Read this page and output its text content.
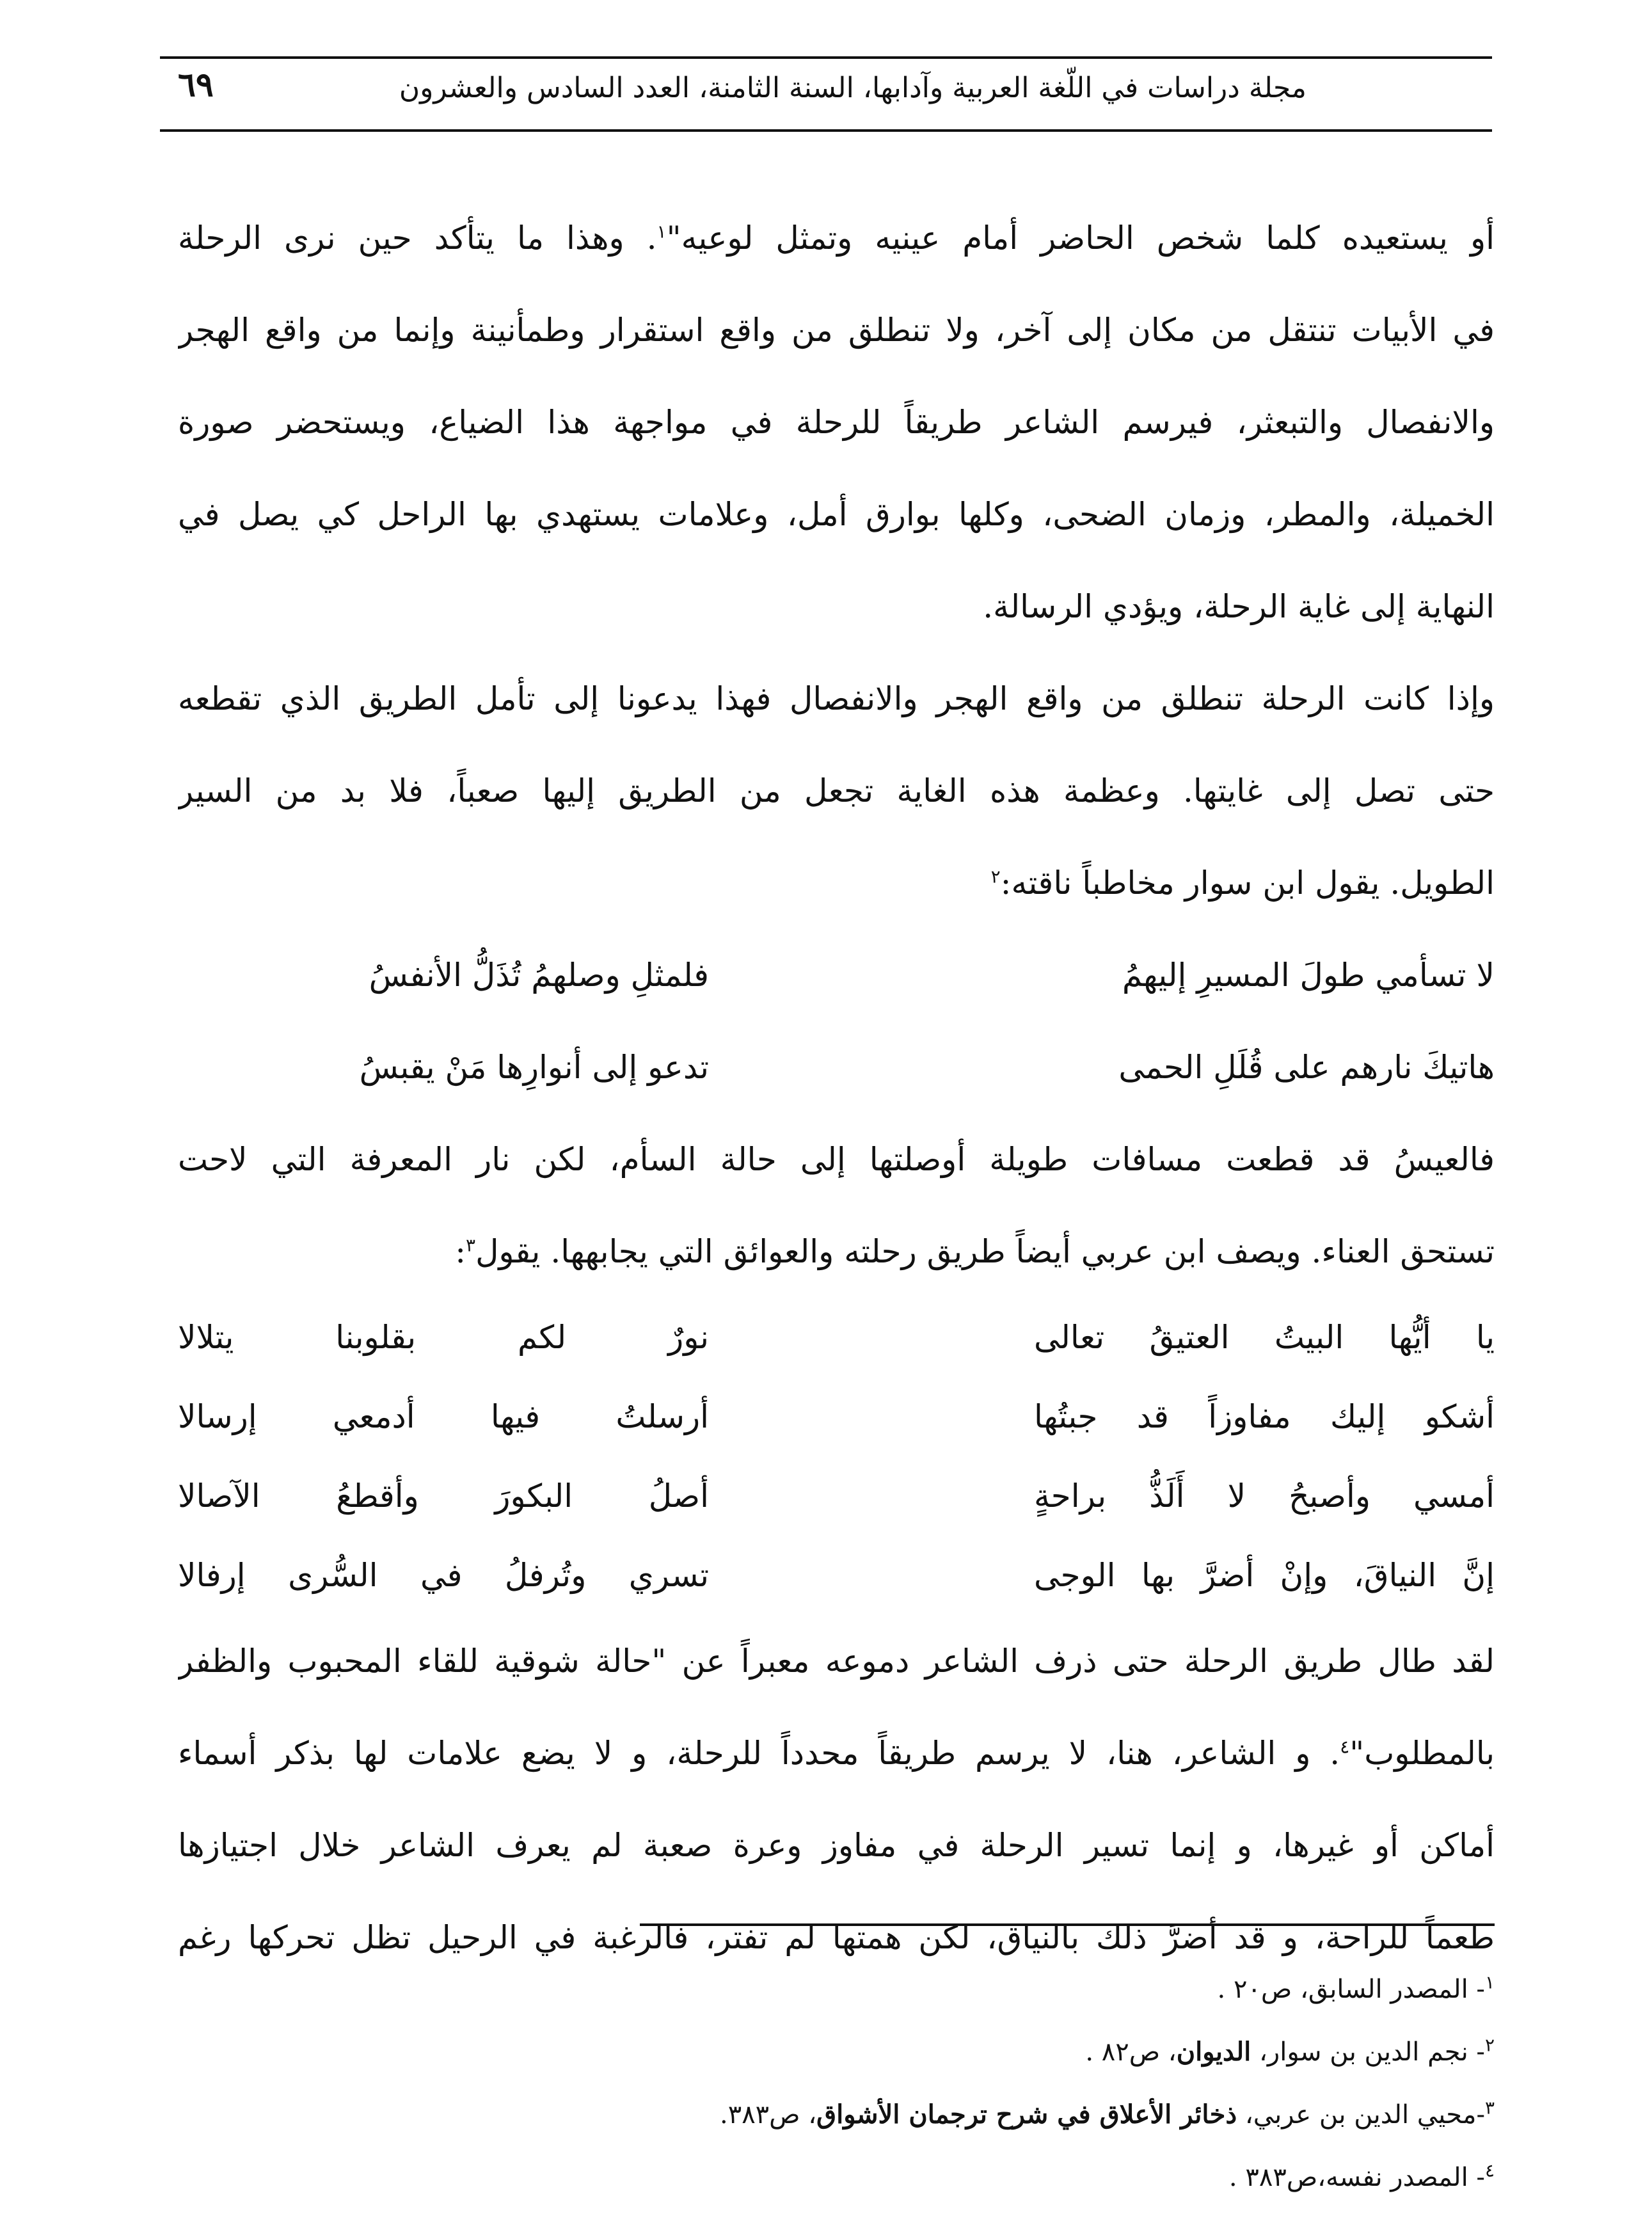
مجلة دراسات في اللّغة العربية وآدابها، السنة الثامنة، العدد السادس والعشرون
٦٩
أو يستعيده كلما شخص الحاضر أمام عينيه وتمثل لوعيه"$^١$. وهذا ما يتأكد حين نرى الرحلة
في الأبيات تنتقل من مكان إلى آخر، ولا تنطلق من واقع استقرار وطمأنينة وإنما من واقع الهجر
والانفصال والتبعثر، فيرسم الشاعر طريقاً للرحلة في مواجهة هذا الضياع، ويستحضر صورة
الخميلة، والمطر، وزمان الضحى، وكلها بوارق أمل، وعلامات يستهدي بها الراحل كي يصل في
النهاية إلى غاية الرحلة، ويؤدي الرسالة.
وإذا كانت الرحلة تنطلق من واقع الهجر والانفصال فهذا يدعونا إلى تأمل الطريق الذي تقطعه
حتى تصل إلى غايتها. وعظمة هذه الغاية تجعل من الطريق إليها صعباً، فلا بد من السير
الطويل. يقول ابن سوار مخاطباً ناقته:$^٢$
لا تسأمي طولَ المسيرِ إليهمُ
فلمثلِ وصلهمُ تُذَلُّ الأنفسُ
هاتيكَ نارهم على قُلَلِ الحمى
تدعو إلى أنوارِها مَنْ يقبسُ
فالعيسُ قد قطعت مسافات طويلة أوصلتها إلى حالة السأم، لكن نار المعرفة التي لاحت
تستحق العناء. ويصف ابن عربي أيضاً طريق رحلته والعوائق التي يجابهها. يقول$^٣$:
يا أيُّها البيتُ العتيقُ تعالى
نورٌ لكم بقلوبنا يتلالا
أشكو إليك مفاوزاً قد جبتُها
أرسلتُ فيها أدمعي إرسالا
أمسي وأصبحُ لا أَلَذُّ براحةٍ
أصلُ البكورَ وأقطعُ الآصالا
إنَّ النياقَ، وإنْ أضرَّ بها الوجى
تسري وتُرفلُ في السُّرى إرفالا
لقد طال طريق الرحلة حتى ذرف الشاعر دموعه معبراً عن "حالة شوقية للقاء المحبوب والظفر
بالمطلوب"$^٤$. و الشاعر، هنا، لا يرسم طريقاً محدداً للرحلة، و لا يضع علامات لها بذكر أسماء
أماكن أو غيرها، و إنما تسير الرحلة في مفاوز وعرة صعبة لم يعرف الشاعر خلال اجتيازها
طعماً للراحة، و قد أضرَّ ذلك بالنياق، لكن همتها لم تفتر، فالرغبة في الرحيل تظل تحركها رغم
$^١$- المصدر السابق، ص٢٠ .
$^٢$- نجم الدين بن سوار، الديوان، ص٨٢ .
$^٣$-محيي الدين بن عربي، ذخائر الأعلاق في شرح ترجمان الأشواق، ص٣٨٣.
$^٤$- المصدر نفسه،ص٣٨٣ .
